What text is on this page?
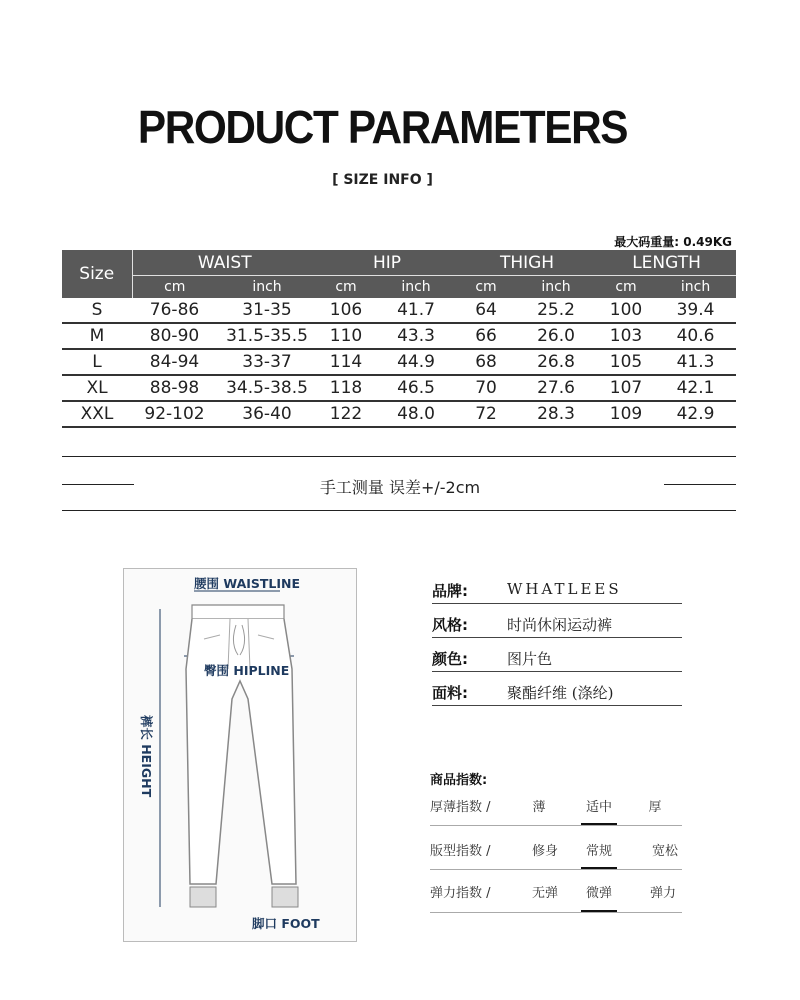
PRODUCT PARAMETERS
[ SIZE INFO ]
最大码重量: 0.49KG
Size	WAIST		HIP		THIGH		LENGTH	
	cm	inch	cm	inch	cm	inch	cm	inch
S	76-86	31-35	106	41.7	64	25.2	100	39.4
M	80-90	31.5-35.5	110	43.3	66	26.0	103	40.6
L	84-94	33-37	114	44.9	68	26.8	105	41.3
XL	88-98	34.5-38.5	118	46.5	70	27.6	107	42.1
XXL	92-102	36-40	122	48.0	72	28.3	109	42.9
手工测量 误差+/-2cm
腰围 WAISTLINE
臀围 HIPLINE
裤长 HEIGHT
脚口 FOOT
品牌:	WHATLEES
风格:	时尚休闲运动裤
颜色:	图片色
面料:	聚酯纤维 (涤纶)
商品指数:
厚薄指数 /	薄	适中	厚
版型指数 /	修身	常规	宽松
弹力指数 /	无弹	微弹	弹力
